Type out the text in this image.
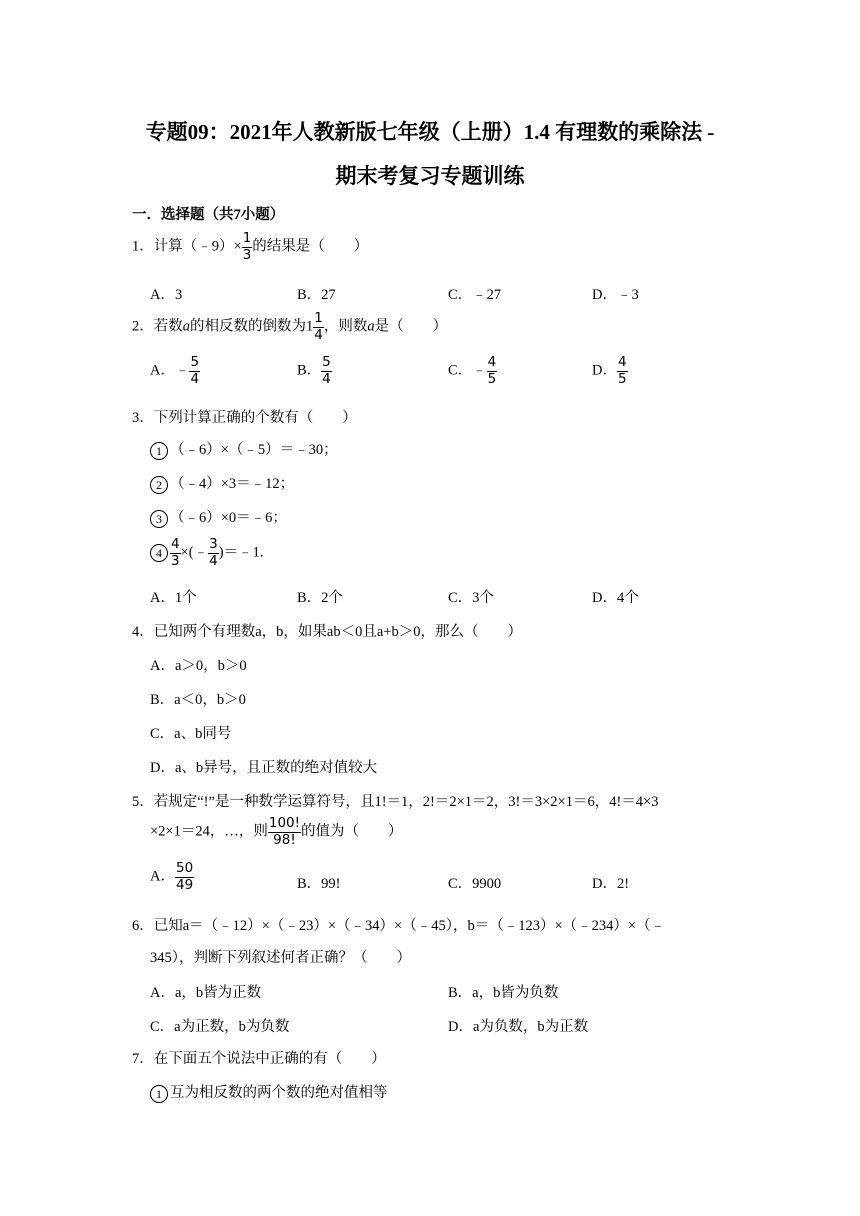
专题09：2021年人教新版七年级（上册）1.4 有理数的乘除法 -
期末考复习专题训练
一．选择题（共7小题）
1．计算（﹣9）× $\frac{1}{3}$ 的结果是（　　）
A．3	B．27	C．﹣27	D．﹣3
2．若数a的相反数的倒数为$1 \frac{1}{4}$ ，则数a是（　　）
A．﹣ $\frac{5}{4}$	B． $\frac{5}{4}$	C．﹣ $\frac{4}{5}$	D． $\frac{4}{5}$
3．下列计算正确的个数有（　　）
1 （﹣6）×（﹣5）＝﹣30；
2 （﹣4）×3＝﹣12；
3 （﹣6）×0＝﹣6；
$4 \frac{4}{3}$ ×(﹣ $\frac{3}{4}$ )＝﹣1.
A．1个	B．2个	C．3个	D．4个
4．已知两个有理数a，b，如果ab＜0且a+b＞0，那么（　　）
A．a＞0，b＞0
B．a＜0，b＞0
C．a、b同号
D．a、b异号，且正数的绝对值较大
5．若规定“!”是一种数学运算符号，且1!＝1，2!＝2×1＝2，3!＝3×2×1＝6，4!＝4×3
×2×1＝24，…，则 $\frac{100!}{98!}$ 的值为（　　）
A． $\frac{50}{49}$	B．99!	C．9900	D．2!
6．已知a＝（﹣12）×（﹣23）×（﹣34）×（﹣45），b＝（﹣123）×（﹣234）×（﹣
345），判断下列叙述何者正确？（　　）
A．a，b皆为正数	B．a，b皆为负数
C．a为正数，b为负数	D．a为负数，b为正数
7．在下面五个说法中正确的有（　　）
1 互为相反数的两个数的绝对值相等
